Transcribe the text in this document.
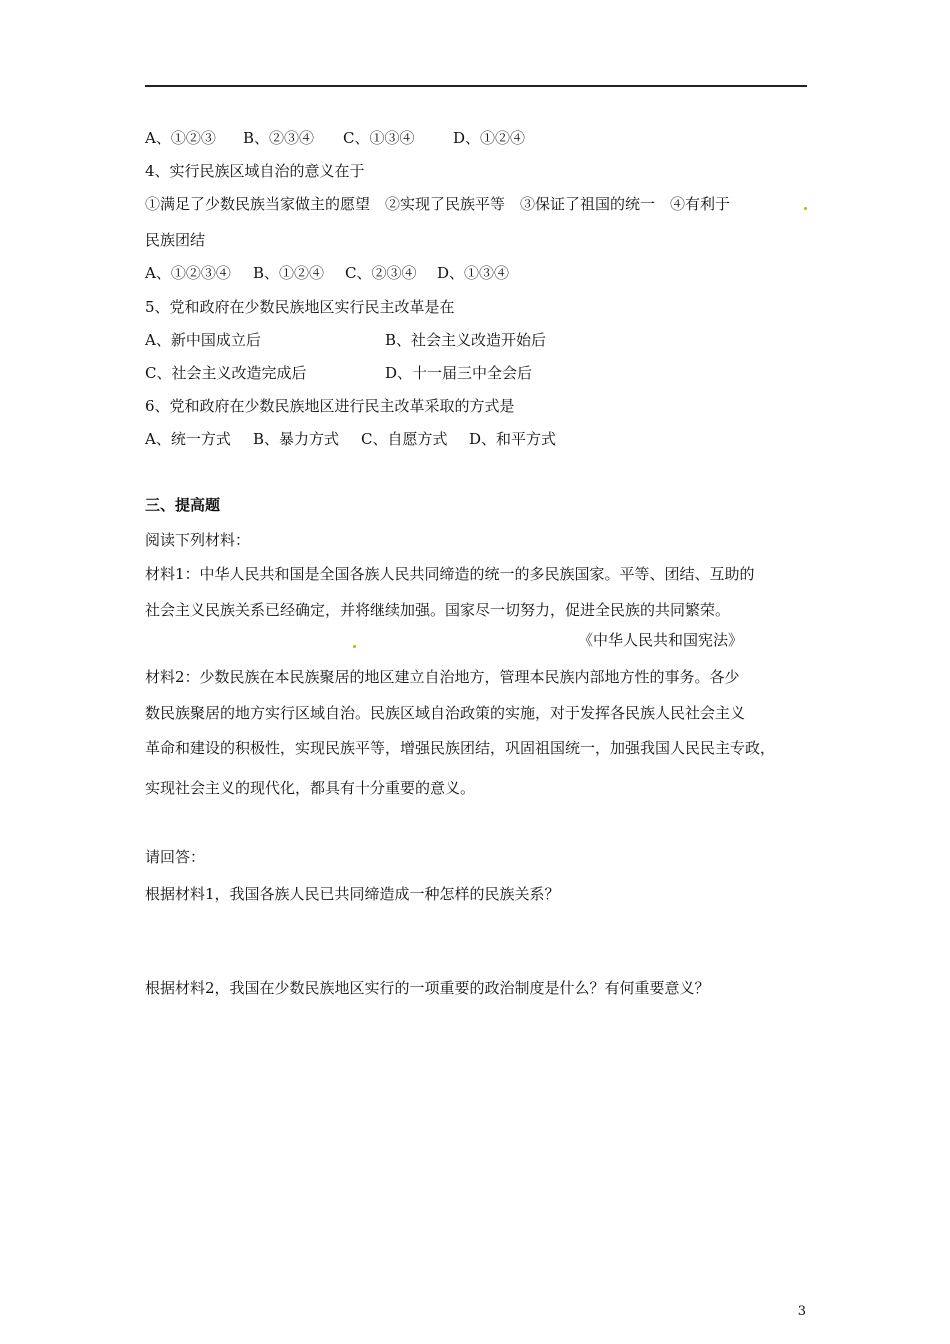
A、①②③ B、②③④ C、①③④	D、①②④
4、实行民族区域自治的意义在于
①满足了少数民族当家做主的愿望　②实现了民族平等　③保证了祖国的统一　④有利于
民族团结
A、①②③④ B、①②④ C、②③④ D、①③④
5、党和政府在少数民族地区实行民主改革是在
A、新中国成立后	B、社会主义改造开始后
C、社会主义改造完成后	D、十一届三中全会后
6、党和政府在少数民族地区进行民主改革采取的方式是
A、统一方式 B、暴力方式 C、自愿方式 D、和平方式
三、提高题
阅读下列材料：
材料1：中华人民共和国是全国各族人民共同缔造的统一的多民族国家。平等、团结、互助的
社会主义民族关系已经确定，并将继续加强。国家尽一切努力，促进全民族的共同繁荣。
《中华人民共和国宪法》
材料2：少数民族在本民族聚居的地区建立自治地方，管理本民族内部地方性的事务。各少
数民族聚居的地方实行区域自治。民族区域自治政策的实施，对于发挥各民族人民社会主义
革命和建设的积极性，实现民族平等，增强民族团结，巩固祖国统一，加强我国人民民主专政，
实现社会主义的现代化，都具有十分重要的意义。
请回答：
根据材料1，我国各族人民已共同缔造成一种怎样的民族关系？
根据材料2，我国在少数民族地区实行的一项重要的政治制度是什么？有何重要意义？
3
